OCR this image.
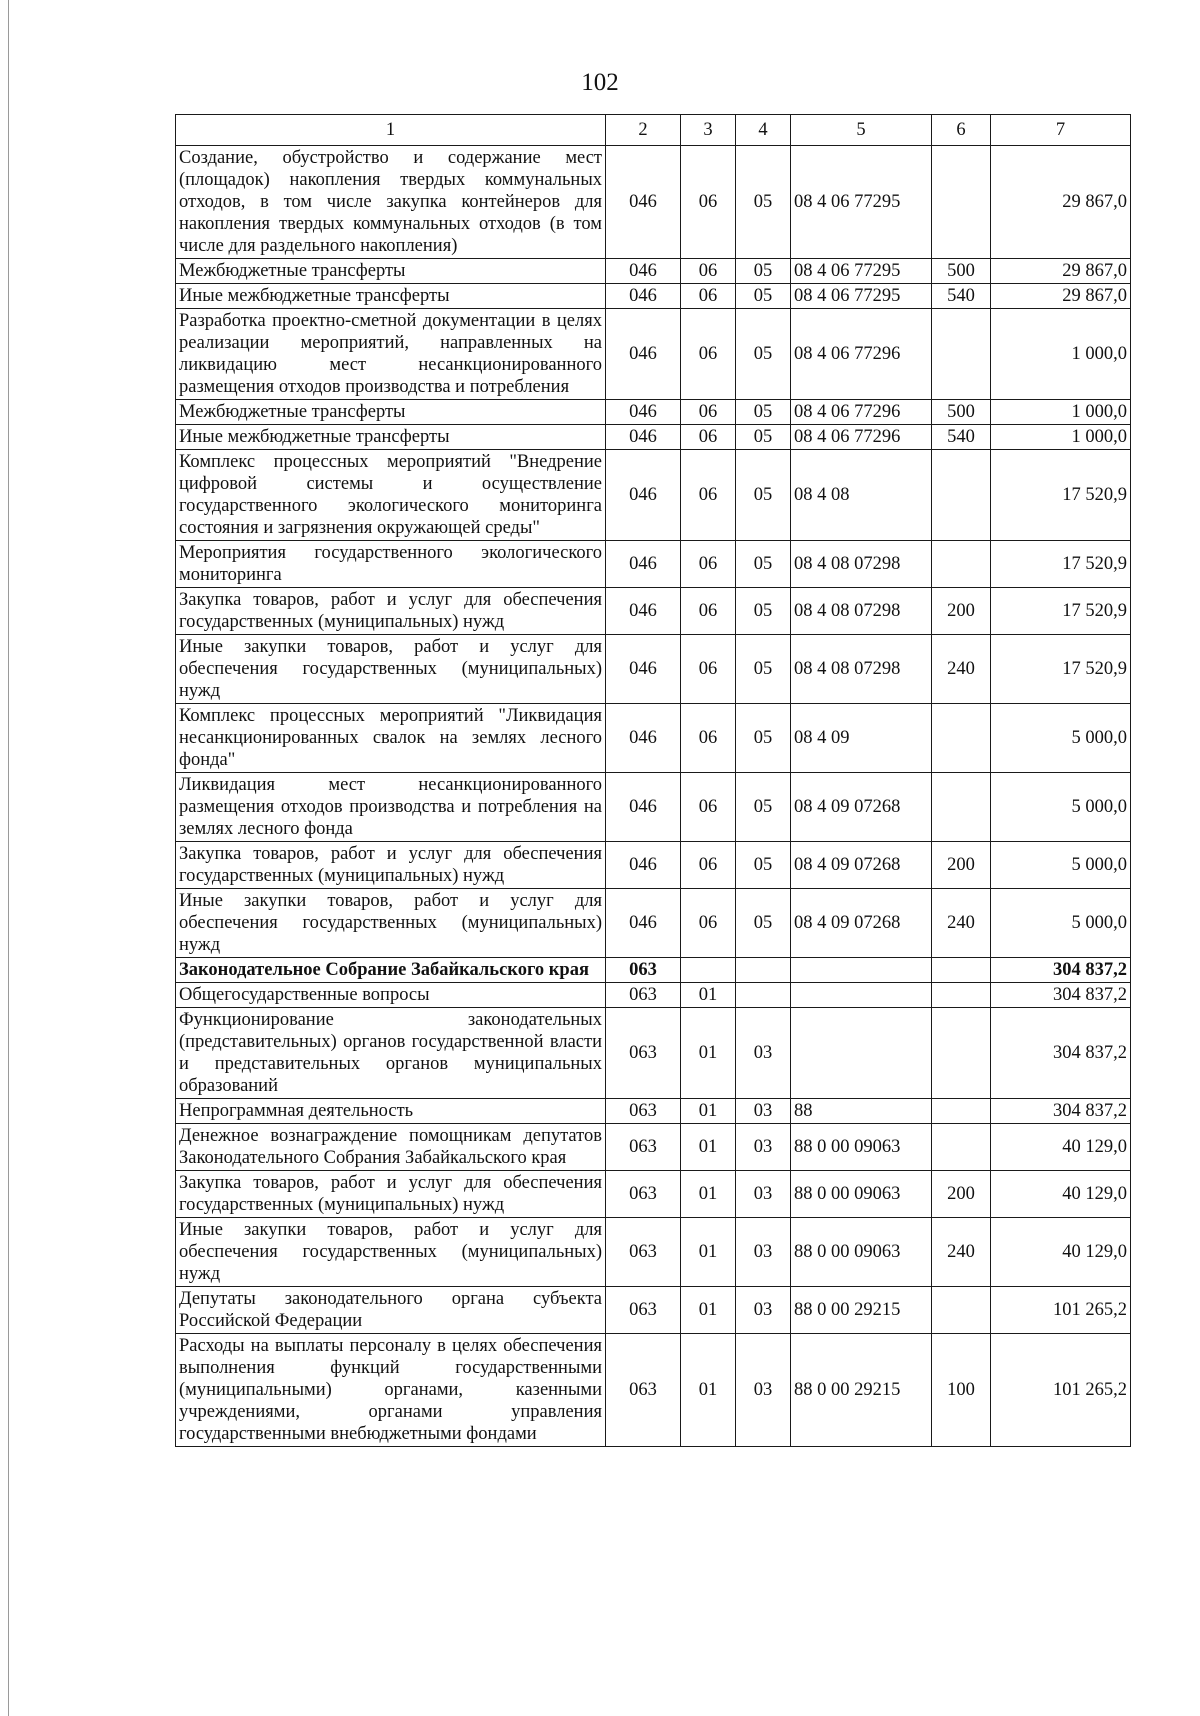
102
1	2	3	4	5	6	7
Создание, обустройство и содержание мест (площадок) накопления твердых коммунальных отходов, в том числе закупка контейнеров для накопления твердых коммунальных отходов (в том числе для раздельного накопления)	046	06	05	08 4 06 77295		29 867,0
Межбюджетные трансферты	046	06	05	08 4 06 77295	500	29 867,0
Иные межбюджетные трансферты	046	06	05	08 4 06 77295	540	29 867,0
Разработка проектно-сметной документации в целях реализации мероприятий, направленных на ликвидацию мест несанкционированного размещения отходов производства и потребления	046	06	05	08 4 06 77296		1 000,0
Межбюджетные трансферты	046	06	05	08 4 06 77296	500	1 000,0
Иные межбюджетные трансферты	046	06	05	08 4 06 77296	540	1 000,0
Комплекс процессных мероприятий "Внедрение цифровой системы и осуществление государственного экологического мониторинга состояния и загрязнения окружающей среды"	046	06	05	08 4 08		17 520,9
Мероприятия государственного экологического мониторинга	046	06	05	08 4 08 07298		17 520,9
Закупка товаров, работ и услуг для обеспечения государственных (муниципальных) нужд	046	06	05	08 4 08 07298	200	17 520,9
Иные закупки товаров, работ и услуг для обеспечения государственных (муниципальных) нужд	046	06	05	08 4 08 07298	240	17 520,9
Комплекс процессных мероприятий "Ликвидация несанкционированных свалок на землях лесного фонда"	046	06	05	08 4 09		5 000,0
Ликвидация мест несанкционированного размещения отходов производства и потребления на землях лесного фонда	046	06	05	08 4 09 07268		5 000,0
Закупка товаров, работ и услуг для обеспечения государственных (муниципальных) нужд	046	06	05	08 4 09 07268	200	5 000,0
Иные закупки товаров, работ и услуг для обеспечения государственных (муниципальных) нужд	046	06	05	08 4 09 07268	240	5 000,0
Законодательное Собрание Забайкальского края	063					304 837,2
Общегосударственные вопросы	063	01				304 837,2
Функционирование законодательных (представительных) органов государственной власти и представительных органов муниципальных образований	063	01	03			304 837,2
Непрограммная деятельность	063	01	03	88		304 837,2
Денежное вознаграждение помощникам депутатов Законодательного Собрания Забайкальского края	063	01	03	88 0 00 09063		40 129,0
Закупка товаров, работ и услуг для обеспечения государственных (муниципальных) нужд	063	01	03	88 0 00 09063	200	40 129,0
Иные закупки товаров, работ и услуг для обеспечения государственных (муниципальных) нужд	063	01	03	88 0 00 09063	240	40 129,0
Депутаты законодательного органа субъекта Российской Федерации	063	01	03	88 0 00 29215		101 265,2
Расходы на выплаты персоналу в целях обеспечения выполнения функций государственными (муниципальными) органами, казенными учреждениями, органами управления государственными внебюджетными фондами	063	01	03	88 0 00 29215	100	101 265,2
